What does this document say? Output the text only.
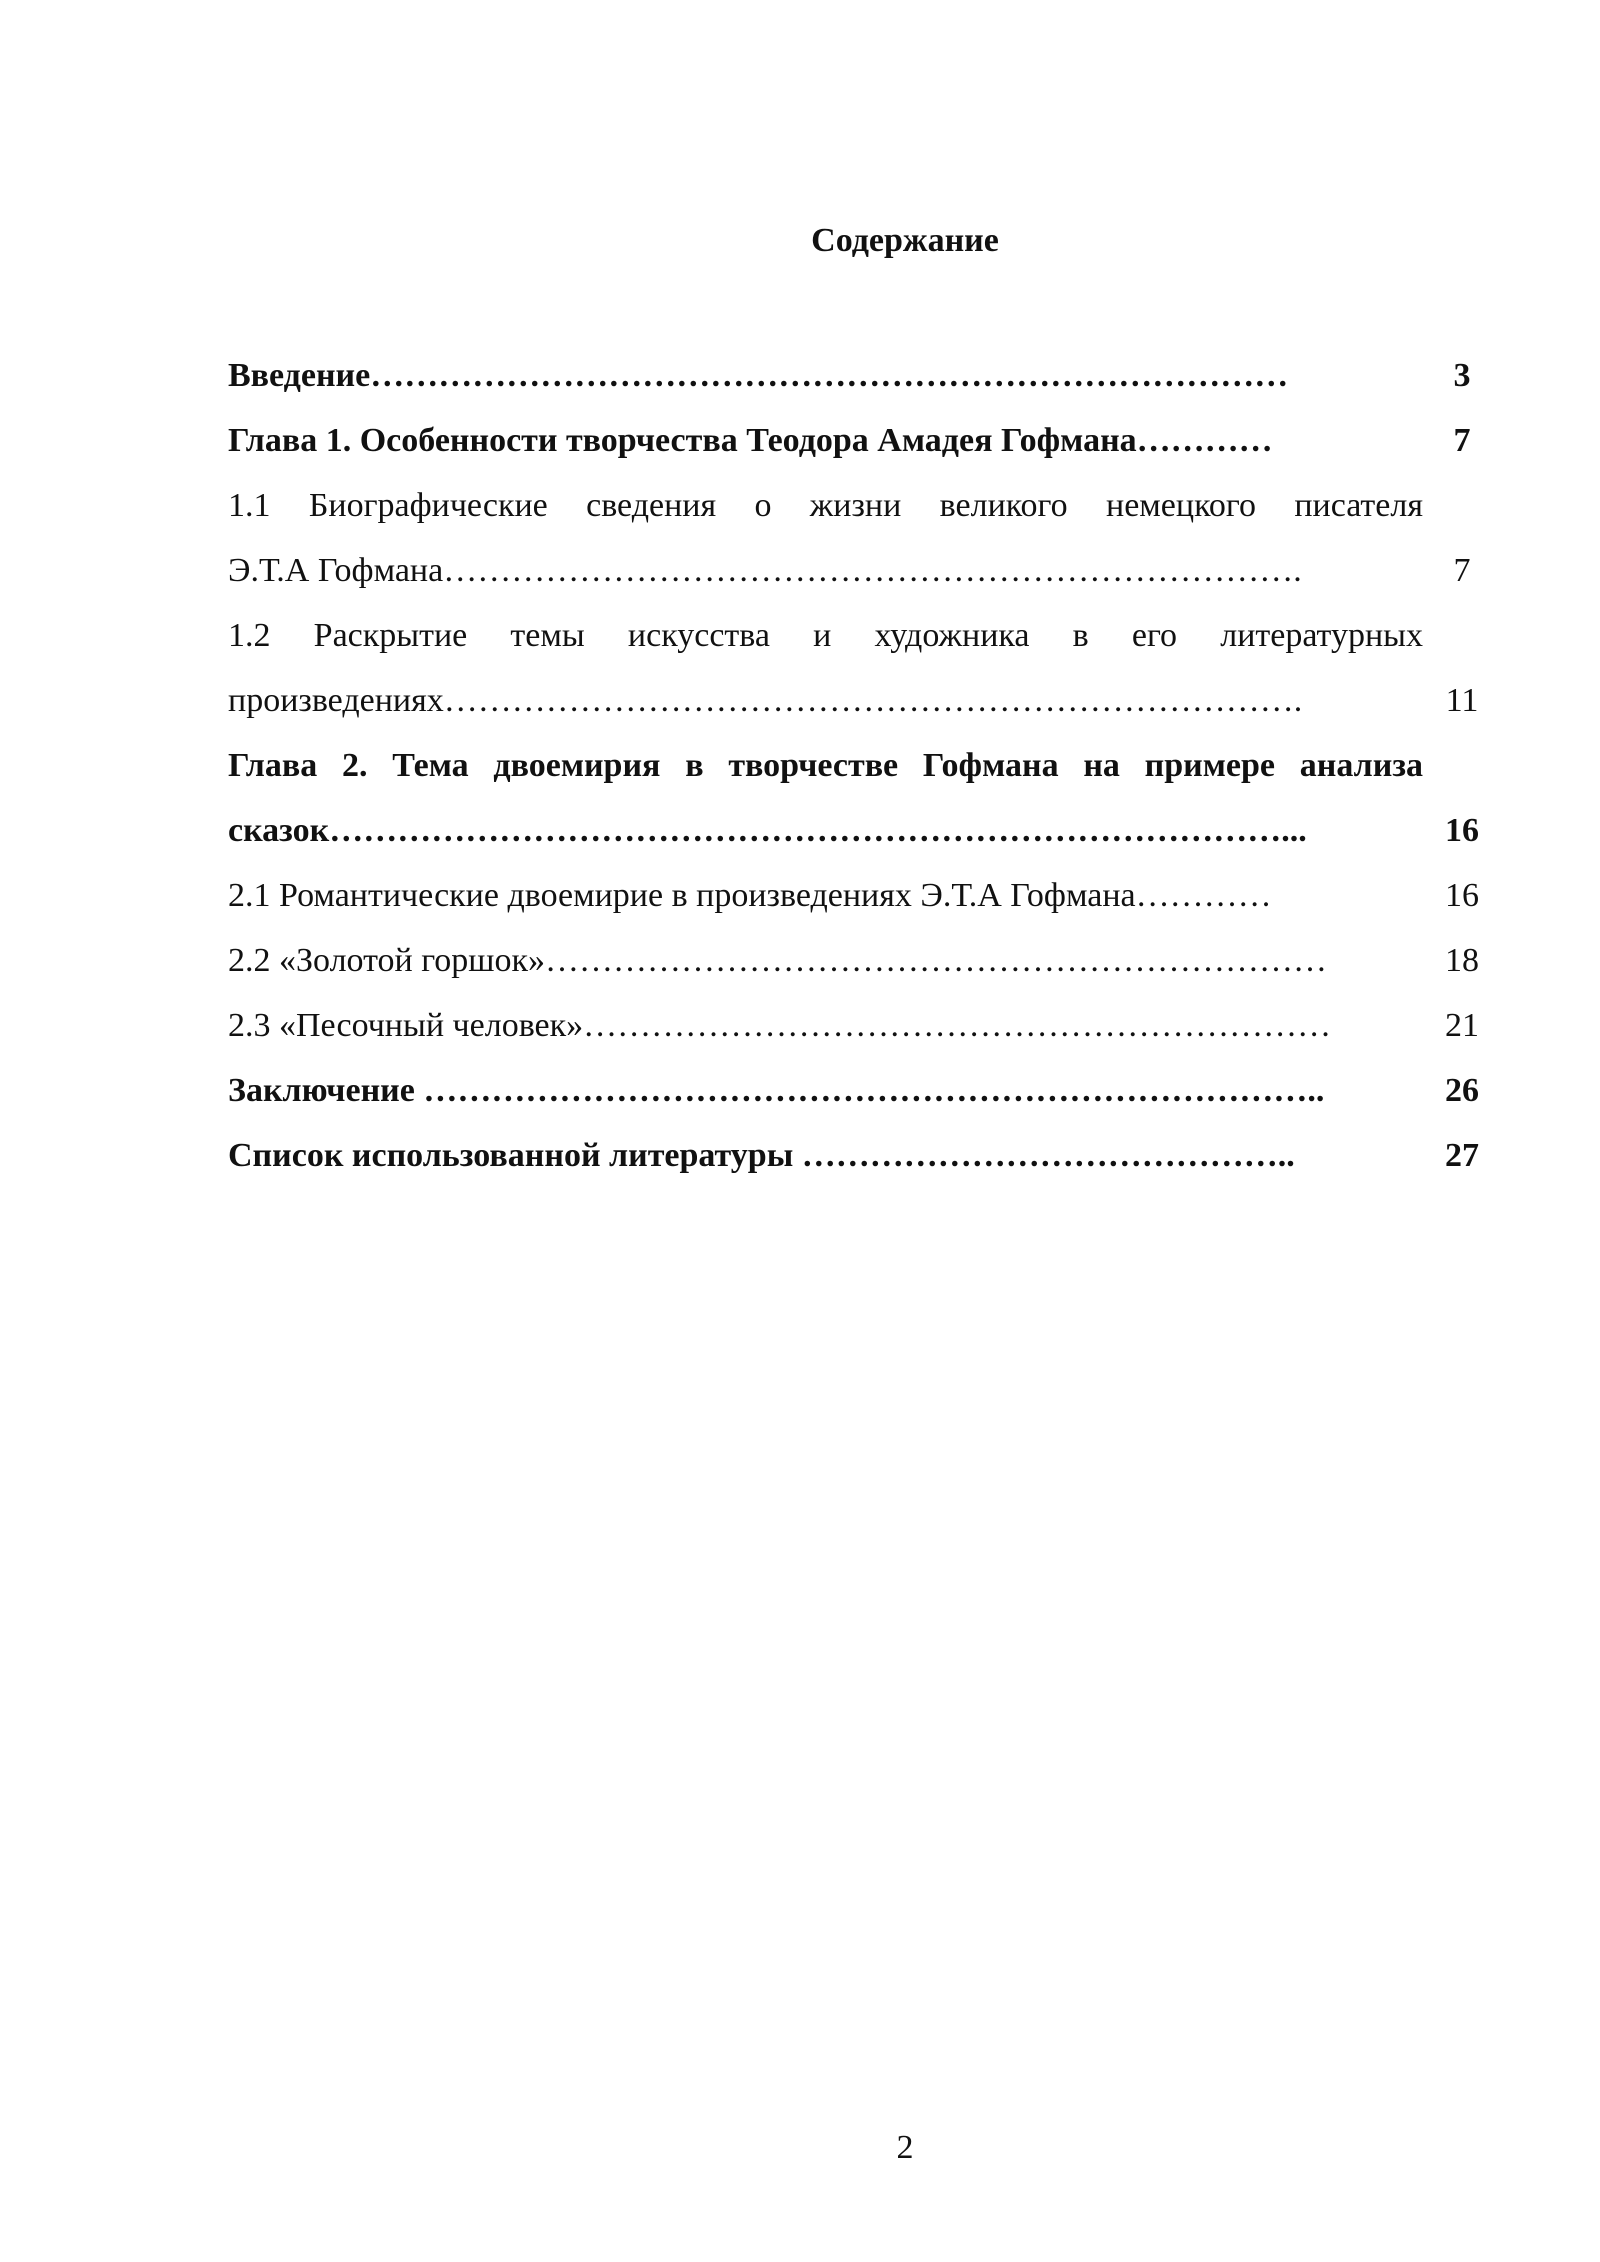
Содержание
Введение………………………………………………………………………	3
Глава 1. Особенности творчества Теодора Амадея Гофмана…………	7
1.1 Биографические сведения о жизни великого немецкого писателя
Э.Т.А Гофмана………………………………………………………………….	7
1.2 Раскрытие темы искусства и художника в его литературных
произведениях………………………………………………………………….	11
Глава 2. Тема двоемирия в творчестве Гофмана на примере анализа
сказок…………………………………………………………………………...	16
2.1 Романтические двоемирие в произведениях Э.Т.А Гофмана…………	16
2.2 «Золотой горшок»……………………………………………………………	18
2.3 «Песочный человек»…………………………………………………………	21
Заключение ……………………………………………………………………..	26
Список использованной литературы ……………………………………..	27
2
